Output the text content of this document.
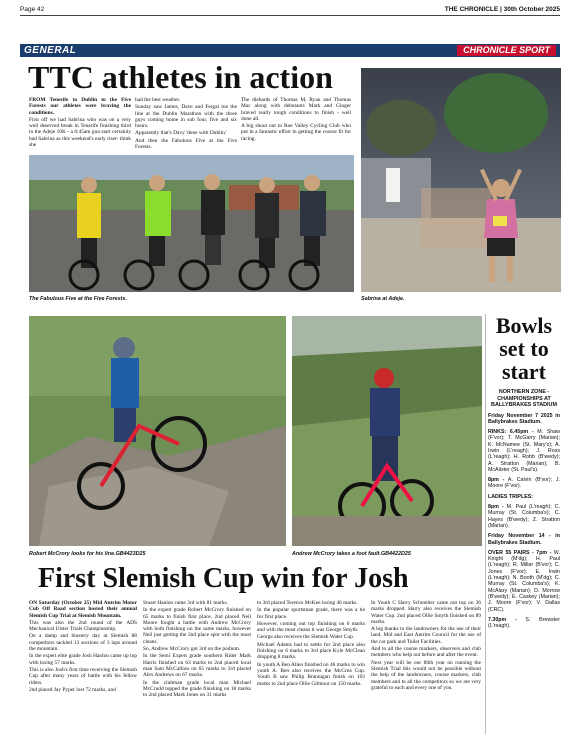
Page 42	THE CHRONICLE | 30th October 2025
GENERAL	CHRONICLE SPORT
TTC athletes in action

FROM Tenerife to Dublin to the Five Forests our athletes were braving the conditions.

First off we had Sabrina who was on a very well deserved break in Tenerife finishing third in the Adeje 10K - a 6:45am gun start certainly had Sabrina as this weekend's early riser- think she

had the best weather.

Sunday saw James, Dave and Fergal toe the line at the Dublin Marathon with the three guys coming home in sub four, five and six hours.

Apparently that's Davy 'done with Dublin.'

And then the Fabulous Five at the Five Forests.

The diehards of Thomas M, Ryan and Thomas Mac along with debutants Mark and Ginger braved really tough conditions to finish - well done all.

A big shout out to Roe Valley Cycling Club who put in a fantastic effort in getting the course fit for racing.

The Fabulous Five at the Five Forests.	Sabrina at Adeje.
Robert McCrory looks for his line.GB4423D25	Andrew McCrory takes a foot fault.GB4422D25
First Slemish Cup win for Josh

ON Saturday (October 25) Mid Antrim Motor Cub Off Road section hosted their annual Slemish Cup Trial at Slemish Mountain.

This was also the 2nd round of the ADS Mechanical Ulster Trials Championship.

On a damp and blustery day at Slemish 88 competitors tackled 13 sections of 3 laps around the mountain.

In the expert elite grade Josh Hanlon came up top with losing 57 marks.

This is also Josh's first time receiving the Slemish Cup after many years of battle with his fellow riders.

2nd placed Jay Pyper lost 72 marks, and

Stuart Hanlon came 3rd with 81 marks.

In the expert grade Robert McCrory finished on 65 marks to finish first place. 2nd placed Neil Moore fought a battle with Andrew McCrory with both finishing on the same marks, however Neil just getting the 2nd place spot with the most cleans.

So, Andrew McCrory got 3rd on the podium.

In the Semi Expert grade southern Rider Mark Harris finished on 63 marks to 2nd placed local man Sam McCallion on 65 marks to 3rd placed Alex Andrews on 67 marks.

In the clubman grade local man Michael McCrudd topped the grade finishing on 18 marks to 2nd placed Mark Jones on 31 marks

to 3rd placed Terence McKee losing 46 marks.

In the popular sportsman grade, there was a tie for first place.

However, coming out top finishing on 6 marks and with the most cleans it was George Smyth.

George also receives the Slemish Water Cup.

Michael Adams had to settle for 2nd place also finishing on 6 marks to 3rd place Kyle McClean dropping 8 marks.

In youth A Ben Allen finished on 46 marks to win youth A. Ben also receives the McCrea Cup. Youth B saw Philip Brannigan finish on 103 marks to 2nd place Ollie Gilmour on 150 marks.

In Youth C Harry Schmelter came out top on 36 marks dropped. Harry also receives the Slemish Water Cup. 2nd placed Ollie Smyth finished on 89 marks.

A big thanks to the landowners for the use of their land, Mid and East Antrim Council for the use of the car park and Toilet Facilities.

And to all the course markers, observers and club members who help out before and after the event.

Next year will be our 80th year on running the Slemish Trial this would not be possible without the help of the landowners, course markers, club members and to all the competitors so we are very grateful to each and every one of you.

Bowls set to start
NORTHERN ZONE - CHAMPIONSHIPS AT BALLYBRAKES STADIUM
Friday November 7 2025 in Ballybrakes Stadium.
RINKS: 6.45pm - M. Shaw (F'vor); T. McGarry (Marian); K. McNamee (St. Mary's); A. Irwin (L'reagh); J. Ross (L'reagh); H. Robb (B'wedy); A. Stratton (Marian); B. McAlister (St. Paul's).
8pm - A. Calvin (B'vor); J. Moore (F'vor).
LADIES TRIPLES:
8pm - M. Paul (L'reagh); C. Murray (St. Columba's); C. Hayes (B'wedy); Z. Stratton (Marian).
Friday November 14 - in Ballybrakes Stadium.
OVER 55 PAIRS - 7pm - W. Knight (M'dg); H. Paul (L'reagh); R. Millar (B'vor); C. Jones (F'vor); E. Irwin (L'reagh); N. Booth (M'dg); C. Murray (St. Columba's); K. McAlary (Marian); D. Morrow (B'wedy); E. Caskey (Marian); J. Moore (F'vor); V. Dallas (CRC).
7.30pm - S. Brewster (L'reagh).
